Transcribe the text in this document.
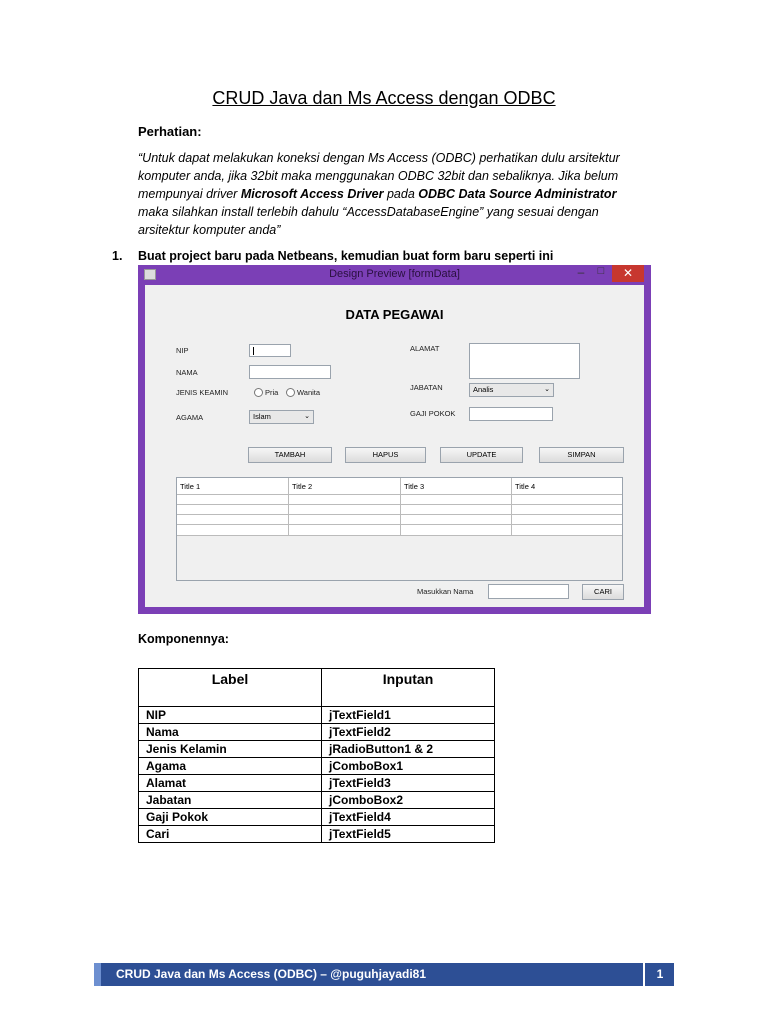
CRUD Java dan Ms Access dengan ODBC
Perhatian:
“Untuk dapat melakukan koneksi dengan Ms Access (ODBC) perhatikan dulu arsitektur komputer anda, jika 32bit maka menggunakan ODBC 32bit dan sebaliknya. Jika belum mempunyai driver Microsoft Access Driver pada ODBC Data Source Administrator maka silahkan install terlebih dahulu “AccessDatabaseEngine” yang sesuai dengan arsitektur komputer anda”
1. Buat project baru pada Netbeans, kemudian buat form baru seperti ini
Design Preview [formData]	–	□	✕
DATA PEGAWAI
NIP
NAMA
JENIS KEAMIN	Pria Wanita
AGAMA	Islam	⌄
ALAMAT
JABATAN	Analis	⌄
GAJI POKOK
TAMBAH	HAPUS	UPDATE	SIMPAN
Title 1	Title 2	Title 3	Title 4
Masukkan Nama	CARI
Komponennya:
Label	Inputan
NIP	jTextField1
Nama	jTextField2
Jenis Kelamin	jRadioButton1 & 2
Agama	jComboBox1
Alamat	jTextField3
Jabatan	jComboBox2
Gaji Pokok	jTextField4
Cari	jTextField5
CRUD Java dan Ms Access (ODBC) – @puguhjayadi81	1
